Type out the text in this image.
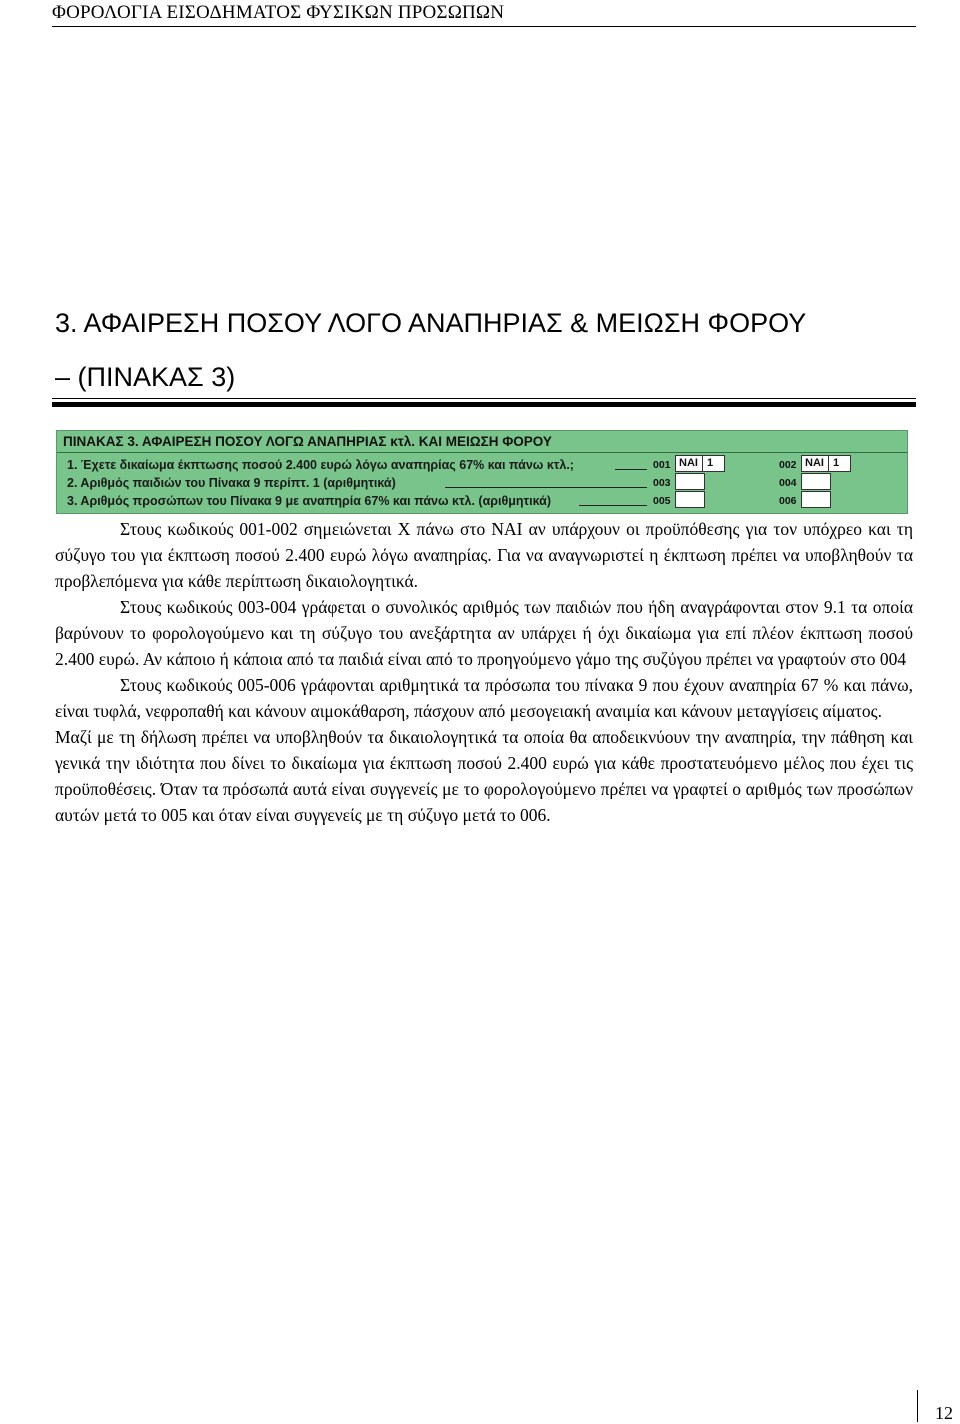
ΦΟΡΟΛΟΓΙΑ ΕΙΣΟΔΗΜΑΤΟΣ ΦΥΣΙΚΩΝ ΠΡΟΣΩΠΩΝ
3. ΑΦΑΙΡΕΣΗ ΠΟΣΟΥ ΛΟΓΟ ΑΝΑΠΗΡΙΑΣ & ΜΕΙΩΣΗ ΦΟΡΟΥ
– (ΠΙΝΑΚΑΣ 3)
ΠΙΝΑΚΑΣ 3. ΑΦΑΙΡΕΣΗ ΠΟΣΟΥ ΛΟΓΩ ΑΝΑΠΗΡΙΑΣ κτλ. ΚΑΙ ΜΕΙΩΣΗ ΦΟΡΟΥ
1. Έχετε δικαίωμα έκπτωσης ποσού 2.400 ευρώ λόγω αναπηρίας 67% και πάνω κτλ.;
2. Αριθμός παιδιών του Πίνακα 9 περίπτ. 1 (αριθμητικά)
3. Αριθμός προσώπων του Πίνακα 9 με αναπηρία 67% και πάνω κτλ. (αριθμητικά)
001 ΝΑΙ 1
003
005
002 ΝΑΙ 1
004
006

Στους κωδικούς 001-002 σημειώνεται Χ πάνω στο ΝΑΙ αν υπάρχουν οι προϋπόθεσης για τον υπόχρεο και τη σύζυγο του για έκπτωση ποσού 2.400 ευρώ λόγω αναπηρίας. Για να αναγνωριστεί η έκπτωση πρέπει να υποβληθούν τα προβλεπόμενα για κάθε περίπτωση δικαιολογητικά.

Στους κωδικούς 003-004 γράφεται ο συνολικός αριθμός των παιδιών που ήδη αναγράφονται στον 9.1 τα οποία βαρύνουν το φορολογούμενο και τη σύζυγο του ανεξάρτητα αν υπάρχει ή όχι δικαίωμα για επί πλέον έκπτωση ποσού 2.400 ευρώ. Αν κάποιο ή κάποια από τα παιδιά είναι από το προηγούμενο γάμο της συζύγου πρέπει να γραφτούν στο 004

Στους κωδικούς 005-006 γράφονται αριθμητικά τα πρόσωπα του πίνακα 9 που έχουν αναπηρία 67 % και πάνω, είναι τυφλά, νεφροπαθή και κάνουν αιμοκάθαρση, πάσχουν από μεσογειακή αναιμία και κάνουν μεταγγίσεις αίματος.

Μαζί με τη δήλωση πρέπει να υποβληθούν τα δικαιολογητικά τα οποία θα αποδεικνύουν την αναπηρία, την πάθηση και γενικά την ιδιότητα που δίνει το δικαίωμα για έκπτωση ποσού 2.400 ευρώ για κάθε προστατευόμενο μέλος που έχει τις προϋποθέσεις. Όταν τα πρόσωπά αυτά είναι συγγενείς με το φορολογούμενο πρέπει να γραφτεί ο αριθμός των προσώπων αυτών μετά το 005 και όταν είναι συγγενείς με τη σύζυγο μετά το 006.

12
